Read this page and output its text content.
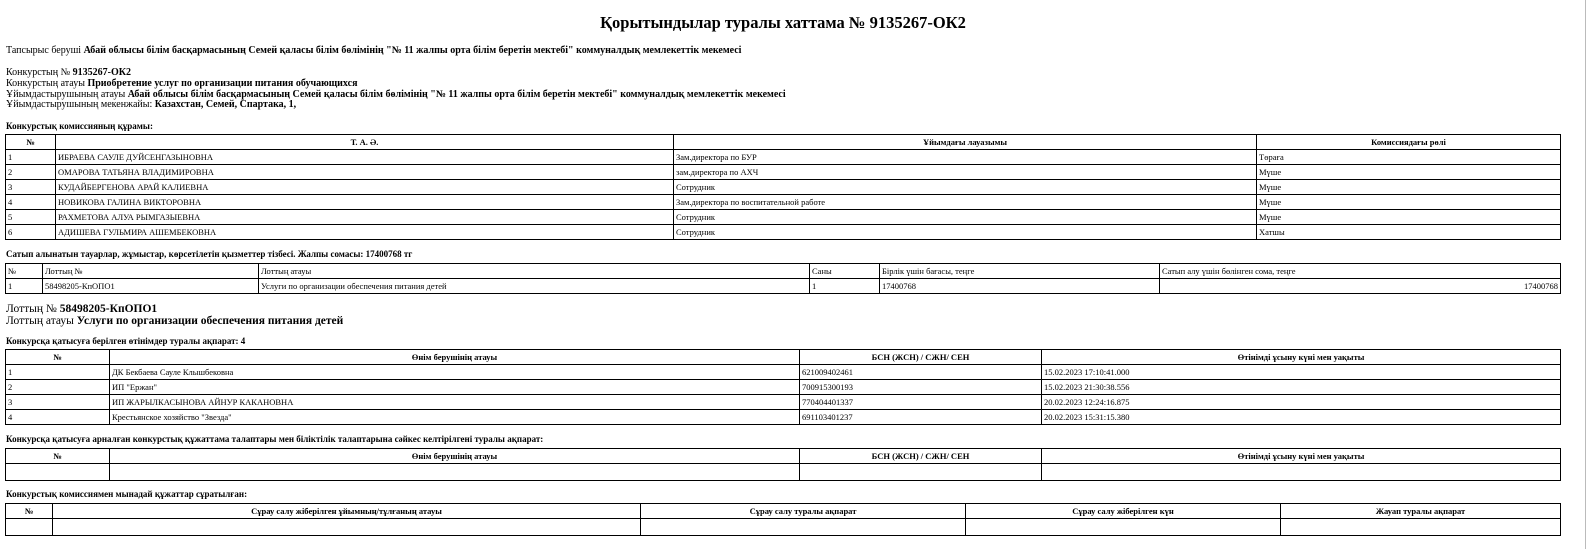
Қорытындылар туралы хаттама № 9135267-ОК2
Тапсырыс беруші Абай облысы білім басқармасының Семей қаласы білім бөлімінің "№ 11 жалпы орта білім беретін мектебі" коммуналдық мемлекеттік мекемесі
Конкурстың № 9135267-ОК2
Конкурстың атауы Приобретение услуг по организации питания обучающихся
Ұйымдастырушының атауы Абай облысы білім басқармасының Семей қаласы білім бөлімінің "№ 11 жалпы орта білім беретін мектебі" коммуналдық мемлекеттік мекемесі
Ұйымдастырушының мекенжайы: Казахстан, Семей, Спартака, 1,
Конкурстық комиссияның құрамы:
№	Т. А. Ә.	Ұйымдағы лауазымы	Комиссиядағы рөлі
1	ИБРАЕВА САУЛЕ ДУЙСЕНГАЗЫНОВНА	Зам.директора по БУР	Төраға
2	ОМАРОВА ТАТЬЯНА ВЛАДИМИРОВНА	зам.директора по АХЧ	Мүше
3	КУДАЙБЕРГЕНОВА АРАЙ КАЛИЕВНА	Сотрудник	Мүше
4	НОВИКОВА ГАЛИНА ВИКТОРОВНА	Зам.директора по воспитательной работе	Мүше
5	РАХМЕТОВА АЛУА РЫМГАЗЫЕВНА	Сотрудник	Мүше
6	АДИШЕВА ГУЛЬМИРА АШЕМБЕКОВНА	Сотрудник	Хатшы
Сатып алынатын тауарлар, жұмыстар, көрсетілетін қызметтер тізбесі. Жалпы сомасы: 17400768 тг
№	Лоттың №	Лоттың атауы	Саны	Бірлік үшін бағасы, теңге	Сатып алу үшін бөлінген сома, теңге
1	58498205-КпОПО1	Услуги по организации обеспечения питания детей	1	17400768	17400768
Лоттың № 58498205-КпОПО1
Лоттың атауы Услуги по организации обеспечения питания детей
Конкурсқа қатысуға берілген өтінімдер туралы ақпарат: 4
№	Өнім берушінің атауы	БСН (ЖСН) / СЖН/ СЕН	Өтінімді ұсыну күні мен уақыты
1	ДК Бекбаева Сауле Клышбековна	621009402461	15.02.2023 17:10:41.000
2	ИП "Ержан"	700915300193	15.02.2023 21:30:38.556
3	ИП ЖАРЫЛКАСЫНОВА АЙНУР КАКАНОВНА	770404401337	20.02.2023 12:24:16.875
4	Крестьянское хозяйство "Звезда"	691103401237	20.02.2023 15:31:15.380
Конкурсқа қатысуға арналған конкурстық құжаттама талаптары мен біліктілік талаптарына сәйкес келтірілгені туралы ақпарат:
№	Өнім берушінің атауы	БСН (ЖСН) / СЖН/ СЕН	Өтінімді ұсыну күні мен уақыты

Конкурстық комиссиямен мынадай құжаттар сұратылған:
№	Сұрау салу жіберілген ұйымның/тұлғаның атауы	Сұрау салу туралы ақпарат	Сұрау салу жіберілген күн	Жауап туралы ақпарат
